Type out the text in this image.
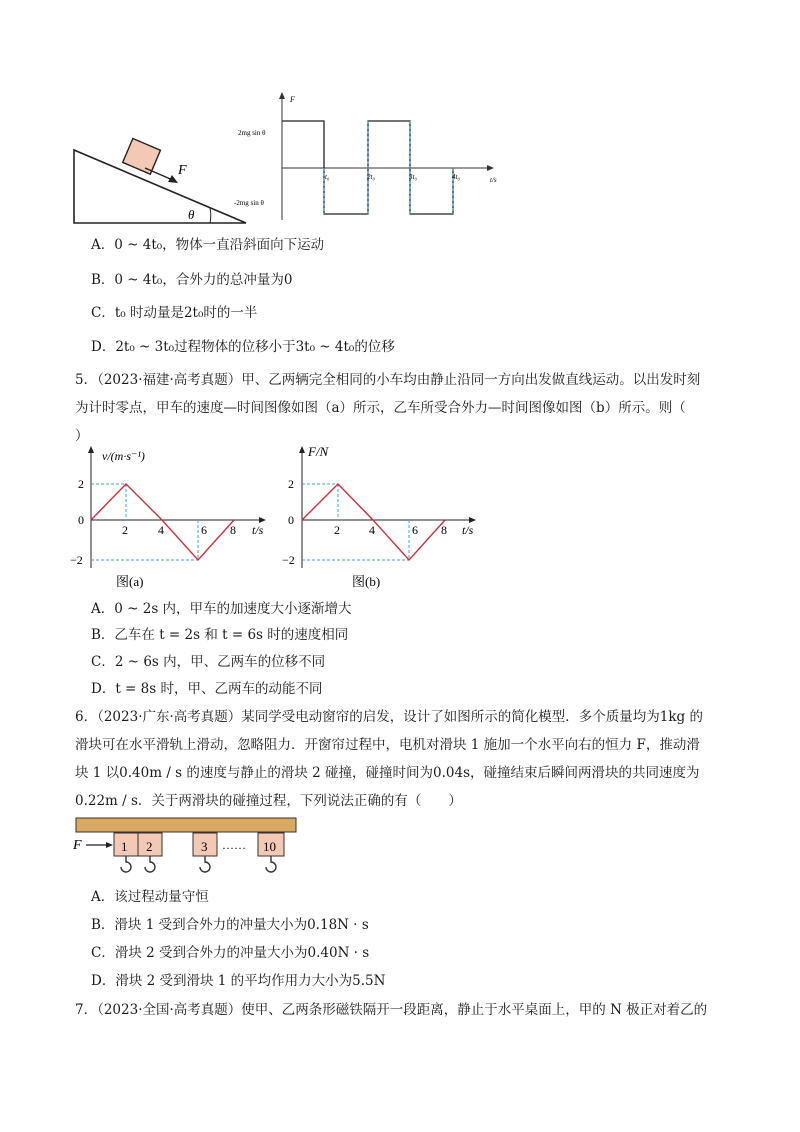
F
θ
F
t/s
2mg sin θ
-2mg sin θ
t₀	2t₀	3t₀	4t₀
A．0 ~ 4t₀，物体一直沿斜面向下运动
B．0 ~ 4t₀，合外力的总冲量为0
C．t₀ 时动量是2t₀时的一半
D．2t₀ ~ 3t₀过程物体的位移小于3t₀ ~ 4t₀的位移
5．（2023·福建·高考真题）甲、乙两辆完全相同的小车均由静止沿同一方向出发做直线运动。以出发时刻
为计时零点，甲车的速度—时间图像如图（a）所示，乙车所受合外力—时间图像如图（b）所示。则（
）
v/(m·s⁻¹)
t/s
2
0
−2
2	4	6 8
图(a)
F/N
t/s
2
0
−2
2 4	6 8
图(b)
A．0 ~ 2s 内，甲车的加速度大小逐渐增大
B．乙车在 t = 2s 和 t = 6s 时的速度相同
C．2 ~ 6s 内，甲、乙两车的位移不同
D．t = 8s 时，甲、乙两车的动能不同
6．（2023·广东·高考真题）某同学受电动窗帘的启发，设计了如图所示的简化模型．多个质量均为1kg 的
滑块可在水平滑轨上滑动，忽略阻力．开窗帘过程中，电机对滑块 1 施加一个水平向右的恒力 F，推动滑
块 1 以0.40m / s 的速度与静止的滑块 2 碰撞，碰撞时间为0.04s，碰撞结束后瞬间两滑块的共同速度为
0.22m / s．关于两滑块的碰撞过程，下列说法正确的有（　　）
F	1 2	3 …… 10
A．该过程动量守恒
B．滑块 1 受到合外力的冲量大小为0.18N · s
C．滑块 2 受到合外力的冲量大小为0.40N · s
D．滑块 2 受到滑块 1 的平均作用力大小为5.5N
7．（2023·全国·高考真题）使甲、乙两条形磁铁隔开一段距离，静止于水平桌面上，甲的 N 极正对着乙的
